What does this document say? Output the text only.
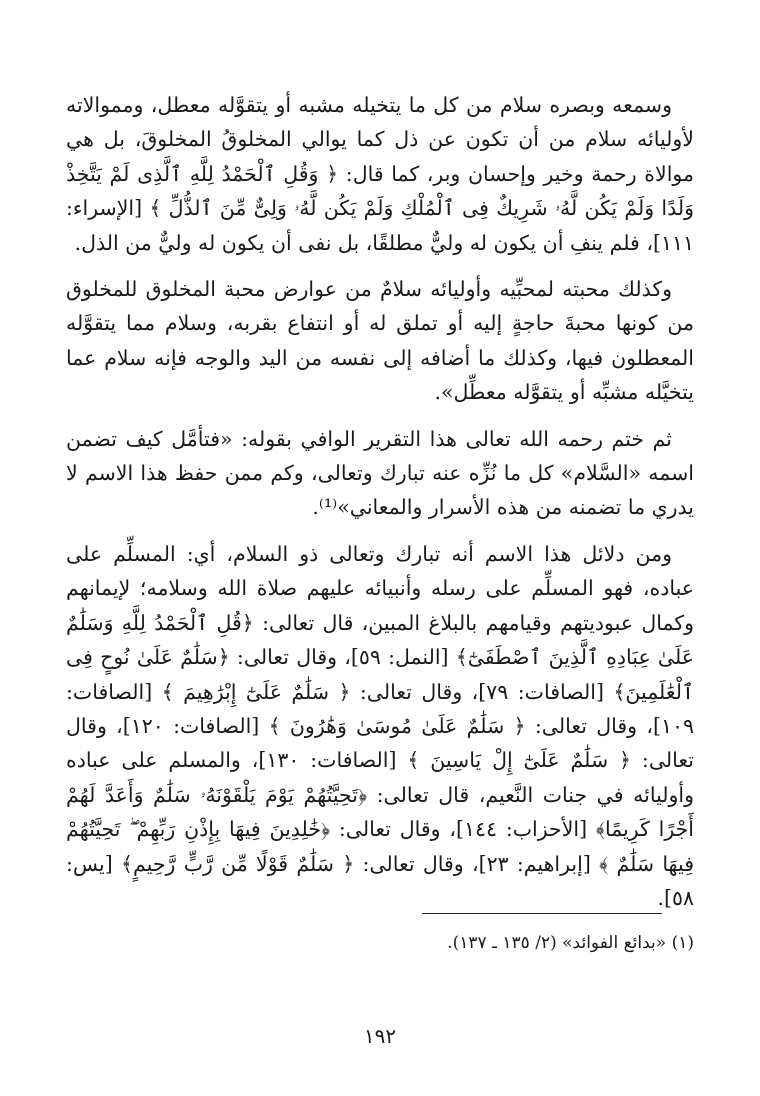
وسمعه وبصره سلام من كل ما يتخيله مشبه أو يتقوَّله معطل، ومموالاته لأوليائه سلام من أن تكون عن ذل كما يوالي المخلوقُ المخلوقَ، بل هي موالاة رحمة وخير وإحسان وبر، كما قال: ﴿ وَقُلِ ٱلْحَمْدُ لِلَّهِ ٱلَّذِى لَمْ يَتَّخِذْ وَلَدًا وَلَمْ يَكُن لَّهُۥ شَرِيكٌ فِى ٱلْمُلْكِ وَلَمْ يَكُن لَّهُۥ وَلِىٌّ مِّنَ ٱلذُّلِّ ﴾ [الإسراء: ١١١]، فلم ينفِ أن يكون له وليٌّ مطلقًا، بل نفى أن يكون له وليٌّ من الذل.

وكذلك محبته لمحبِّيه وأوليائه سلامٌ من عوارض محبة المخلوق للمخلوق من كونها محبةَ حاجةٍ إليه أو تملق له أو انتفاع بقربه، وسلام مما يتقوَّله المعطلون فيها، وكذلك ما أضافه إلى نفسه من اليد والوجه فإنه سلام عما يتخيَّله مشبِّه أو يتقوَّله معطِّل».

ثم ختم رحمه الله تعالى هذا التقرير الوافي بقوله: «فتأمَّل كيف تضمن اسمه «السَّلام» كل ما نُزِّه عنه تبارك وتعالى، وكم ممن حفظ هذا الاسم لا يدري ما تضمنه من هذه الأسرار والمعاني»⁽¹⁾.

ومن دلائل هذا الاسم أنه تبارك وتعالى ذو السلام، أي: المسلِّم على عباده، فهو المسلِّم على رسله وأنبيائه عليهم صلاة الله وسلامه؛ لإيمانهم وكمال عبوديتهم وقيامهم بالبلاغ المبين، قال تعالى: ﴿قُلِ ٱلْحَمْدُ لِلَّهِ وَسَلَٰمٌ عَلَىٰ عِبَادِهِ ٱلَّذِينَ ٱصْطَفَىٰٓ﴾ [النمل: ٥٩]، وقال تعالى: ﴿سَلَٰمٌ عَلَىٰ نُوحٍ فِى ٱلْعَٰلَمِينَ﴾ [الصافات: ٧٩]، وقال تعالى: ﴿ سَلَٰمٌ عَلَىٰٓ إِبْرَٰهِيمَ ﴾ [الصافات: ١٠٩]، وقال تعالى: ﴿ سَلَٰمٌ عَلَىٰ مُوسَىٰ وَهَٰرُونَ ﴾ [الصافات: ١٢٠]، وقال تعالى: ﴿ سَلَٰمٌ عَلَىٰٓ إِلْ يَاسِينَ ﴾ [الصافات: ١٣٠]، والمسلم على عباده وأوليائه في جنات النَّعيم، قال تعالى: ﴿تَحِيَّتُهُمْ يَوْمَ يَلْقَوْنَهُۥ سَلَٰمٌ وَأَعَدَّ لَهُمْ أَجْرًا كَرِيمًا﴾ [الأحزاب: ١٤٤]، وقال تعالى: ﴿خَٰلِدِينَ فِيهَا بِإِذْنِ رَبِّهِمْ ۖ تَحِيَّتُهُمْ فِيهَا سَلَٰمٌ ﴾ [إبراهيم: ٢٣]، وقال تعالى: ﴿ سَلَٰمٌ قَوْلًا مِّن رَّبٍّ رَّحِيمٍ﴾ [يس: ٥٨].

(١) «بدائع الفوائد» (٢/ ١٣٥ ـ ١٣٧).
١٩٢
